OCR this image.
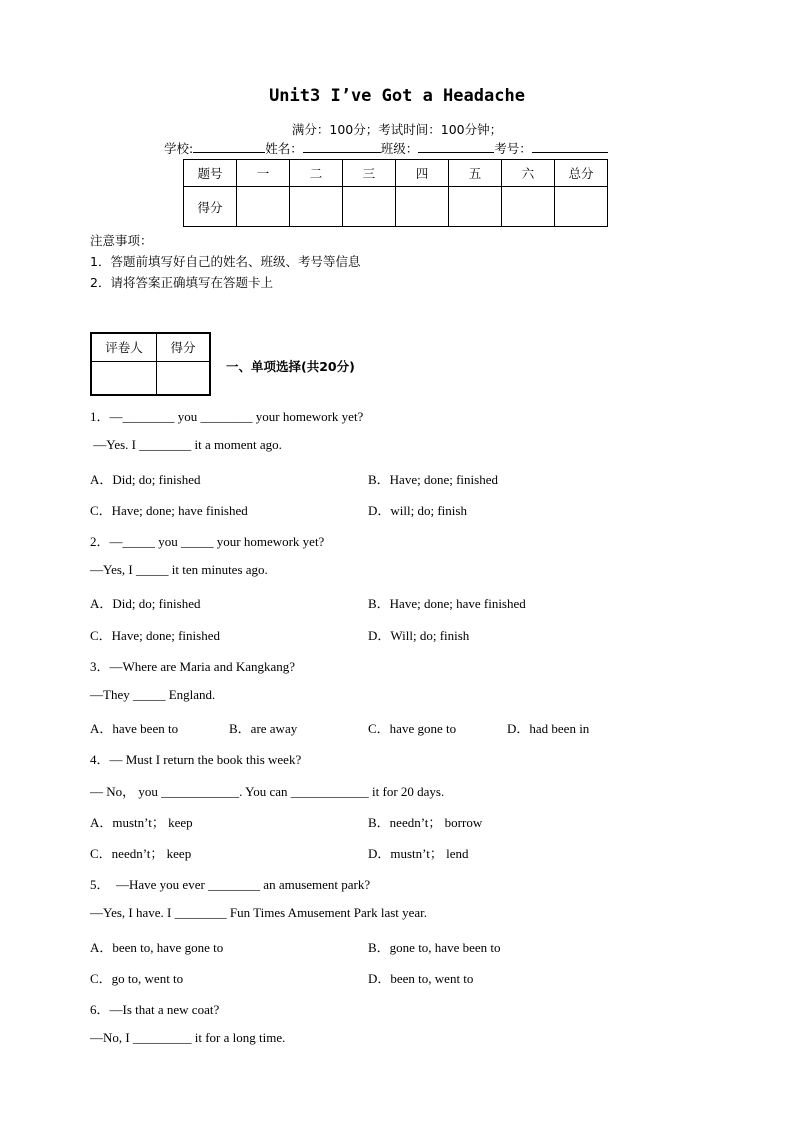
Unit3 I’ve Got a Headache
满分：100分；考试时间：100分钟；
学校:	姓名：	班级：	考号：
题号	一	二	三	四	五	六	总分
得分							
注意事项：
1．答题前填写好自己的姓名、班级、考号等信息
2．请将答案正确填写在答题卡上
评卷人	得分

一、单项选择(共20分)
1．—________ you ________ your homework yet?
—Yes. I ________ it a moment ago.
A．Did; do; finished	B．Have; done; finished
C．Have; done; have finished	D．will; do; finish
2．—_____ you _____ your homework yet?
—Yes, I _____ it ten minutes ago.
A．Did; do; finished	B．Have; done; have finished
C．Have; done; finished	D．Will; do; finish
3．—Where are Maria and Kangkang?
—They _____ England.
A．have been to	B．are away	C．have gone to	D．had been in
4．— Must I return the book this week?
— No， you ____________. You can ____________ it for 20 days.
A．mustn’t； keep	B．needn’t； borrow
C．needn’t； keep	D．mustn’t； lend
5．  —Have you ever ________ an amusement park?
—Yes, I have. I ________ Fun Times Amusement Park last year.
A．been to, have gone to	B．gone to, have been to
C．go to, went to	D．been to, went to
6．—Is that a new coat?
—No, I _________ it for a long time.
